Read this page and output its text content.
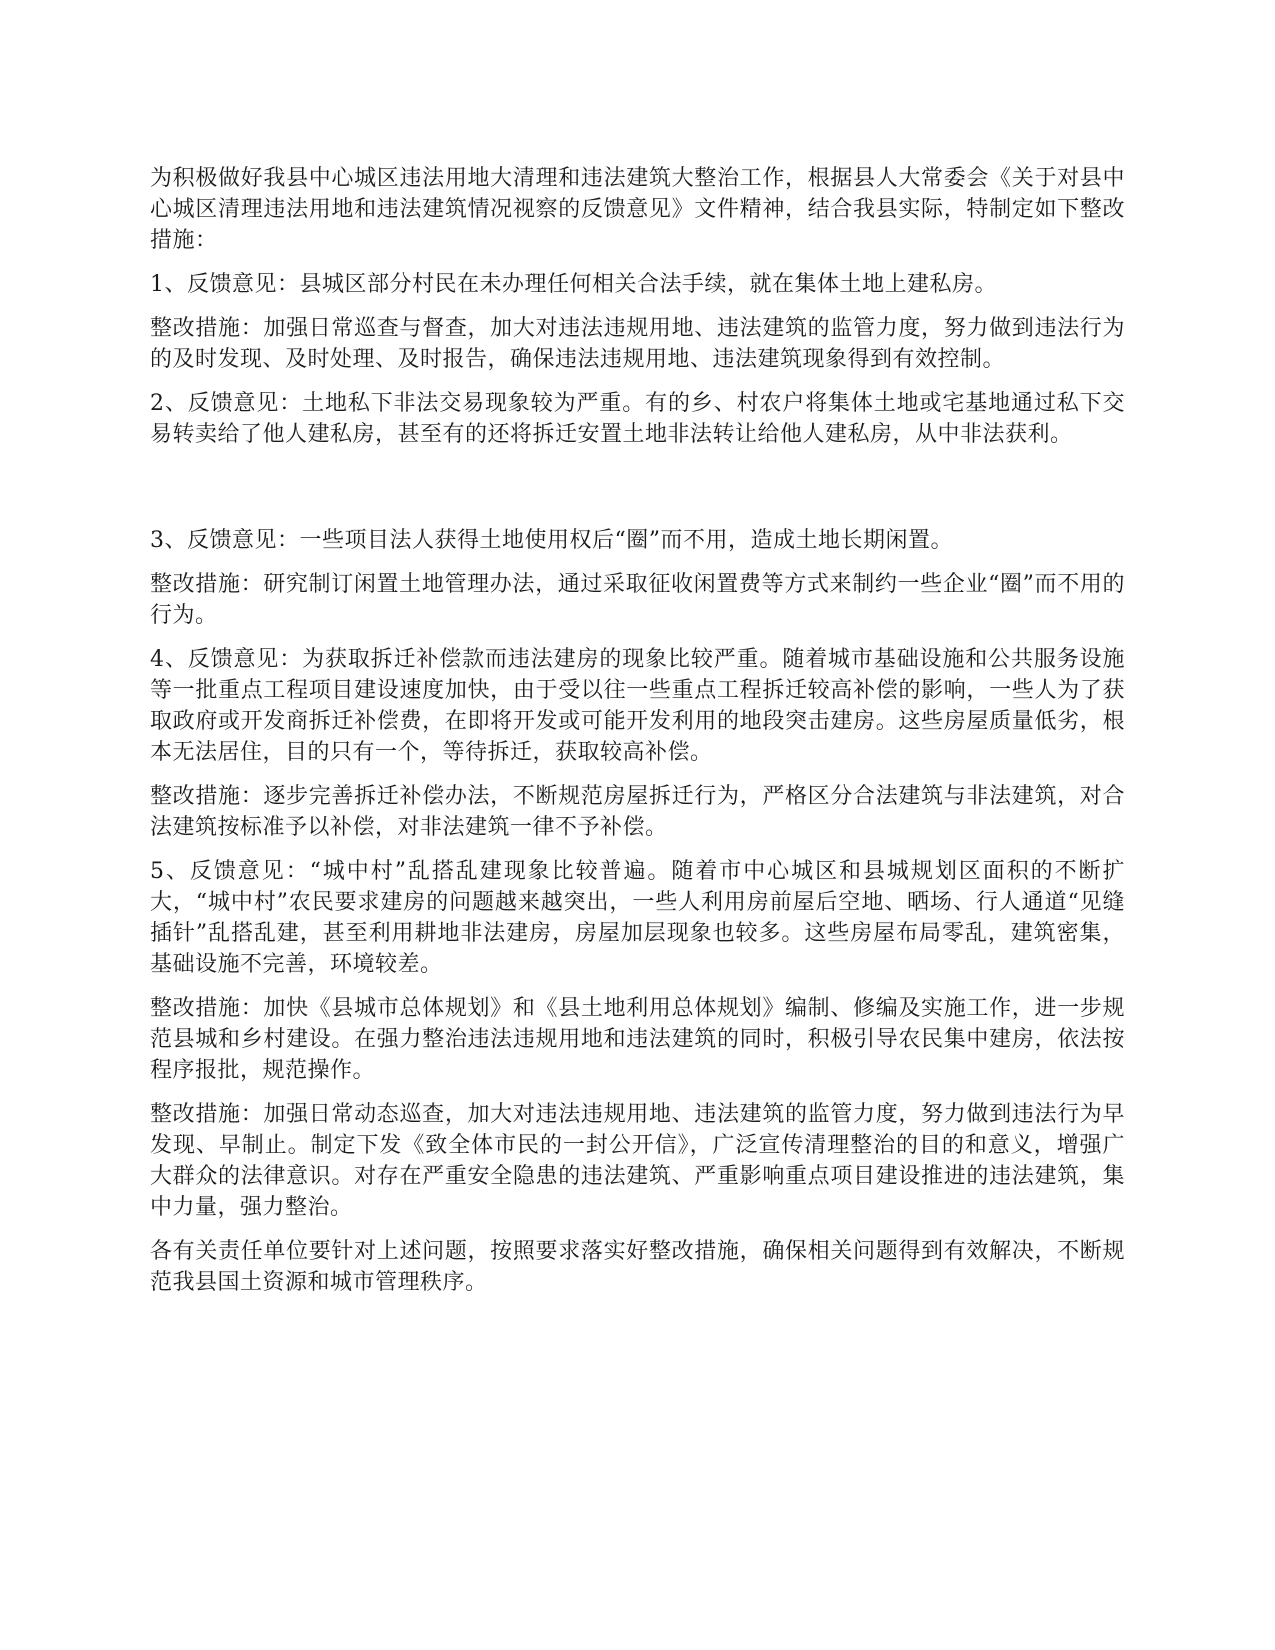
为积极做好我县中心城区违法用地大清理和违法建筑大整治工作，根据县人大常委会《关于对县中心城区清理违法用地和违法建筑情况视察的反馈意见》文件精神，结合我县实际，特制定如下整改措施：

1、反馈意见：县城区部分村民在未办理任何相关合法手续，就在集体土地上建私房。

整改措施：加强日常巡查与督查，加大对违法违规用地、违法建筑的监管力度，努力做到违法行为的及时发现、及时处理、及时报告，确保违法违规用地、违法建筑现象得到有效控制。

2、反馈意见：土地私下非法交易现象较为严重。有的乡、村农户将集体土地或宅基地通过私下交易转卖给了他人建私房，甚至有的还将拆迁安置土地非法转让给他人建私房，从中非法获利。

3、反馈意见：一些项目法人获得土地使用权后“圈”而不用，造成土地长期闲置。

整改措施：研究制订闲置土地管理办法，通过采取征收闲置费等方式来制约一些企业“圈”而不用的行为。

4、反馈意见：为获取拆迁补偿款而违法建房的现象比较严重。随着城市基础设施和公共服务设施等一批重点工程项目建设速度加快，由于受以往一些重点工程拆迁较高补偿的影响，一些人为了获取政府或开发商拆迁补偿费，在即将开发或可能开发利用的地段突击建房。这些房屋质量低劣，根本无法居住，目的只有一个，等待拆迁，获取较高补偿。

整改措施：逐步完善拆迁补偿办法，不断规范房屋拆迁行为，严格区分合法建筑与非法建筑，对合法建筑按标准予以补偿，对非法建筑一律不予补偿。

5、反馈意见：“城中村”乱搭乱建现象比较普遍。随着市中心城区和县城规划区面积的不断扩大，“城中村”农民要求建房的问题越来越突出，一些人利用房前屋后空地、晒场、行人通道“见缝插针”乱搭乱建，甚至利用耕地非法建房，房屋加层现象也较多。这些房屋布局零乱，建筑密集，基础设施不完善，环境较差。

整改措施：加快《县城市总体规划》和《县土地利用总体规划》编制、修编及实施工作，进一步规范县城和乡村建设。在强力整治违法违规用地和违法建筑的同时，积极引导农民集中建房，依法按程序报批，规范操作。

整改措施：加强日常动态巡查，加大对违法违规用地、违法建筑的监管力度，努力做到违法行为早发现、早制止。制定下发《致全体市民的一封公开信》，广泛宣传清理整治的目的和意义，增强广大群众的法律意识。对存在严重安全隐患的违法建筑、严重影响重点项目建设推进的违法建筑，集中力量，强力整治。

各有关责任单位要针对上述问题，按照要求落实好整改措施，确保相关问题得到有效解决，不断规范我县国土资源和城市管理秩序。
